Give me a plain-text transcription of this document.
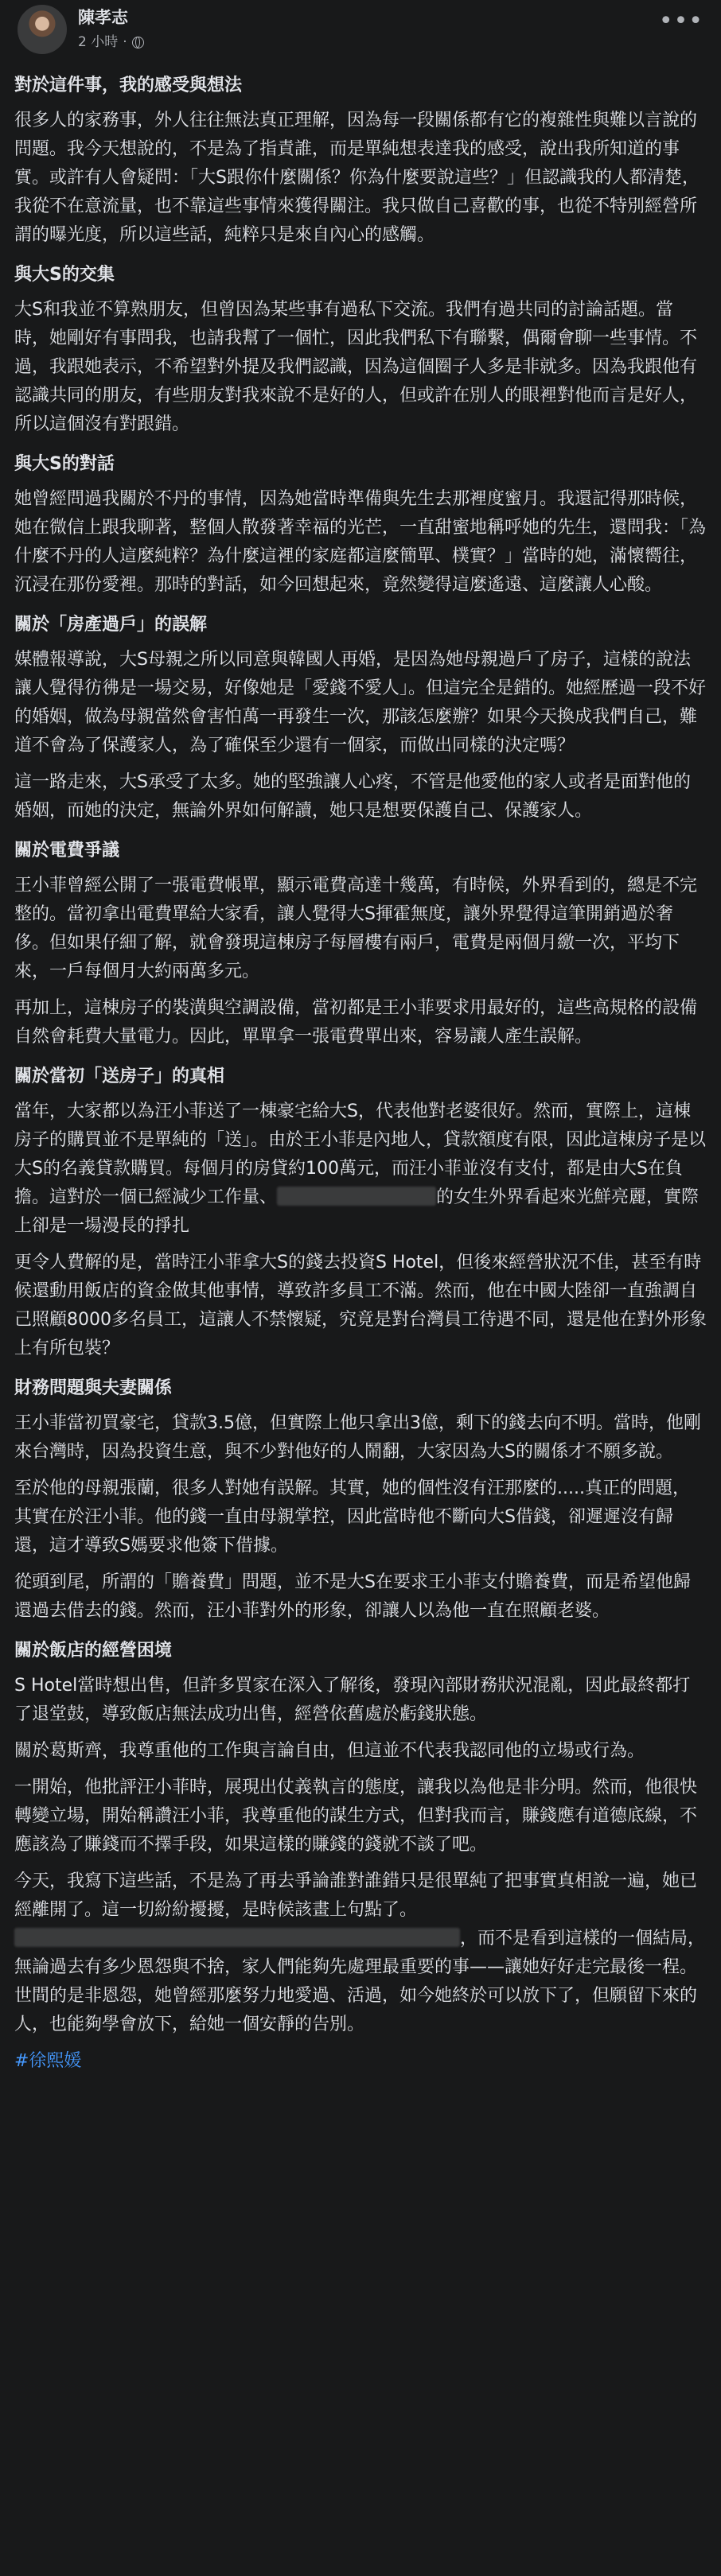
陳孝志
2 小時 ·
•••
對於這件事，我的感受與想法
很多人的家務事，外人往往無法真正理解，因為每一段關係都有它的複雜性與難以言說的問題。我今天想說的，不是為了指責誰，而是單純想表達我的感受，說出我所知道的事實。或許有人會疑問：「大S跟你什麼關係？你為什麼要說這些？」但認識我的人都清楚，我從不在意流量，也不靠這些事情來獲得關注。我只做自己喜歡的事，也從不特別經營所謂的曝光度，所以這些話，純粹只是來自內心的感觸。
與大S的交集
大S和我並不算熟朋友，但曾因為某些事有過私下交流。我們有過共同的討論話題。當時，她剛好有事問我，也請我幫了一個忙，因此我們私下有聯繫，偶爾會聊一些事情。不過，我跟她表示，不希望對外提及我們認識，因為這個圈子人多是非就多。因為我跟他有認識共同的朋友，有些朋友對我來說不是好的人，但或許在別人的眼裡對他而言是好人，所以這個沒有對跟錯。
與大S的對話
她曾經問過我關於不丹的事情，因為她當時準備與先生去那裡度蜜月。我還記得那時候，她在微信上跟我聊著，整個人散發著幸福的光芒，一直甜蜜地稱呼她的先生，還問我：「為什麼不丹的人這麼純粹？為什麼這裡的家庭都這麼簡單、樸實？」當時的她，滿懷嚮往，沉浸在那份愛裡。那時的對話，如今回想起來，竟然變得這麼遙遠、這麼讓人心酸。
關於「房產過戶」的誤解
媒體報導說，大S母親之所以同意與韓國人再婚，是因為她母親過戶了房子，這樣的說法讓人覺得彷彿是一場交易，好像她是「愛錢不愛人」。但這完全是錯的。她經歷過一段不好的婚姻，做為母親當然會害怕萬一再發生一次，那該怎麼辦？如果今天換成我們自己，難道不會為了保護家人，為了確保至少還有一個家，而做出同樣的決定嗎？
這一路走來，大S承受了太多。她的堅強讓人心疼，不管是他愛他的家人或者是面對他的婚姻，而她的決定，無論外界如何解讀，她只是想要保護自己、保護家人。
關於電費爭議
王小菲曾經公開了一張電費帳單，顯示電費高達十幾萬，有時候，外界看到的，總是不完整的。當初拿出電費單給大家看，讓人覺得大S揮霍無度，讓外界覺得這筆開銷過於奢侈。但如果仔細了解，就會發現這棟房子每層樓有兩戶，電費是兩個月繳一次，平均下來，一戶每個月大約兩萬多元。
再加上，這棟房子的裝潢與空調設備，當初都是王小菲要求用最好的，這些高規格的設備自然會耗費大量電力。因此，單單拿一張電費單出來，容易讓人產生誤解。
關於當初「送房子」的真相
當年，大家都以為汪小菲送了一棟豪宅給大S，代表他對老婆很好。然而，實際上，這棟房子的購買並不是單純的「送」。由於王小菲是內地人，貸款額度有限，因此這棟房子是以大S的名義貸款購買。每個月的房貸約100萬元，而汪小菲並沒有支付，都是由大S在負擔。這對於一個已經減少工作量、	的女生外界看起來光鮮亮麗，實際上卻是一場漫長的掙扎
更令人費解的是，當時汪小菲拿大S的錢去投資S Hotel，但後來經營狀況不佳，甚至有時候還動用飯店的資金做其他事情，導致許多員工不滿。然而，他在中國大陸卻一直強調自己照顧8000多名員工，這讓人不禁懷疑，究竟是對台灣員工待遇不同，還是他在對外形象上有所包裝？
財務問題與夫妻關係
王小菲當初買豪宅，貸款3.5億，但實際上他只拿出3億，剩下的錢去向不明。當時，他剛來台灣時，因為投資生意，與不少對他好的人鬧翻，大家因為大S的關係才不願多說。
至於他的母親張蘭，很多人對她有誤解。其實，她的個性沒有汪那麼的.....真正的問題，其實在於汪小菲。他的錢一直由母親掌控，因此當時他不斷向大S借錢，卻遲遲沒有歸還，這才導致S媽要求他簽下借據。
從頭到尾，所謂的「贍養費」問題，並不是大S在要求王小菲支付贍養費，而是希望他歸還過去借去的錢。然而，汪小菲對外的形象，卻讓人以為他一直在照顧老婆。
關於飯店的經營困境
S Hotel當時想出售，但許多買家在深入了解後，發現內部財務狀況混亂，因此最終都打了退堂鼓，導致飯店無法成功出售，經營依舊處於虧錢狀態。
關於葛斯齊，我尊重他的工作與言論自由，但這並不代表我認同他的立場或行為。
一開始，他批評汪小菲時，展現出仗義執言的態度，讓我以為他是非分明。然而，他很快轉變立場，開始稱讚汪小菲，我尊重他的謀生方式，但對我而言，賺錢應有道德底線，不應該為了賺錢而不擇手段，如果這樣的賺錢的錢就不談了吧。
今天，我寫下這些話，不是為了再去爭論誰對誰錯只是很單純了把事實真相說一遍，她已經離開了。這一切紛紛擾擾，是時候該畫上句點了。，而不是看到這樣的一個結局，無論過去有多少恩怨與不捨，家人們能夠先處理最重要的事——讓她好好走完最後一程。世間的是非恩怨，她曾經那麼努力地愛過、活過，如今她終於可以放下了，但願留下來的人，也能夠學會放下，給她一個安靜的告別。
#徐熙媛
